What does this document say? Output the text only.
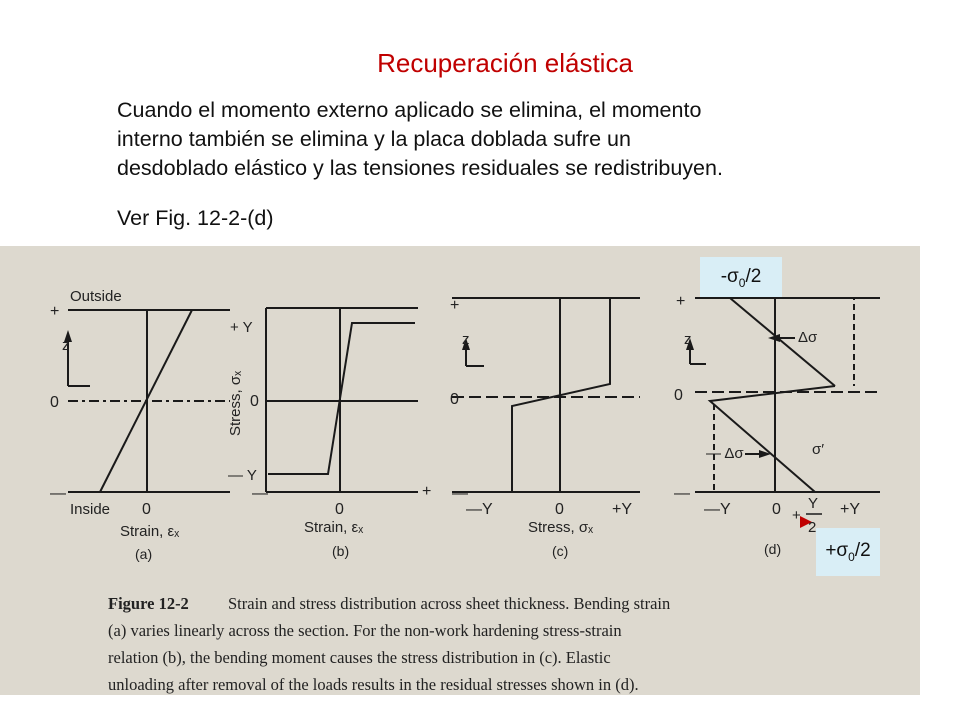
Recuperación elástica
Cuando el momento externo aplicado se elimina, el momento
interno también se elimina y la placa doblada sufre un
desdoblado elástico y las tensiones residuales se redistribuyen.
Ver Fig. 12-2-(d)
Outside
Inside
+
—
z
0
0
Strain, εₓ
(a)
+ Y
— Y
0
Stress, σₓ
—
0
+
Strain, εₓ
(b)
+
z
0
—
—Y	0	+Y
Stress, σₓ
(c)
+
z
0
—
Δσ
— Δσ	σ′
—Y	0 Y
+
2
+Y
(d)
Figure 12-2 Strain and stress distribution across sheet thickness. Bending strain
(a) varies linearly across the section. For the non-work hardening stress-strain
relation (b), the bending moment causes the stress distribution in (c). Elastic
unloading after removal of the loads results in the residual stresses shown in (d).
$-\sigma_0/2$
$+\sigma_0/2$
